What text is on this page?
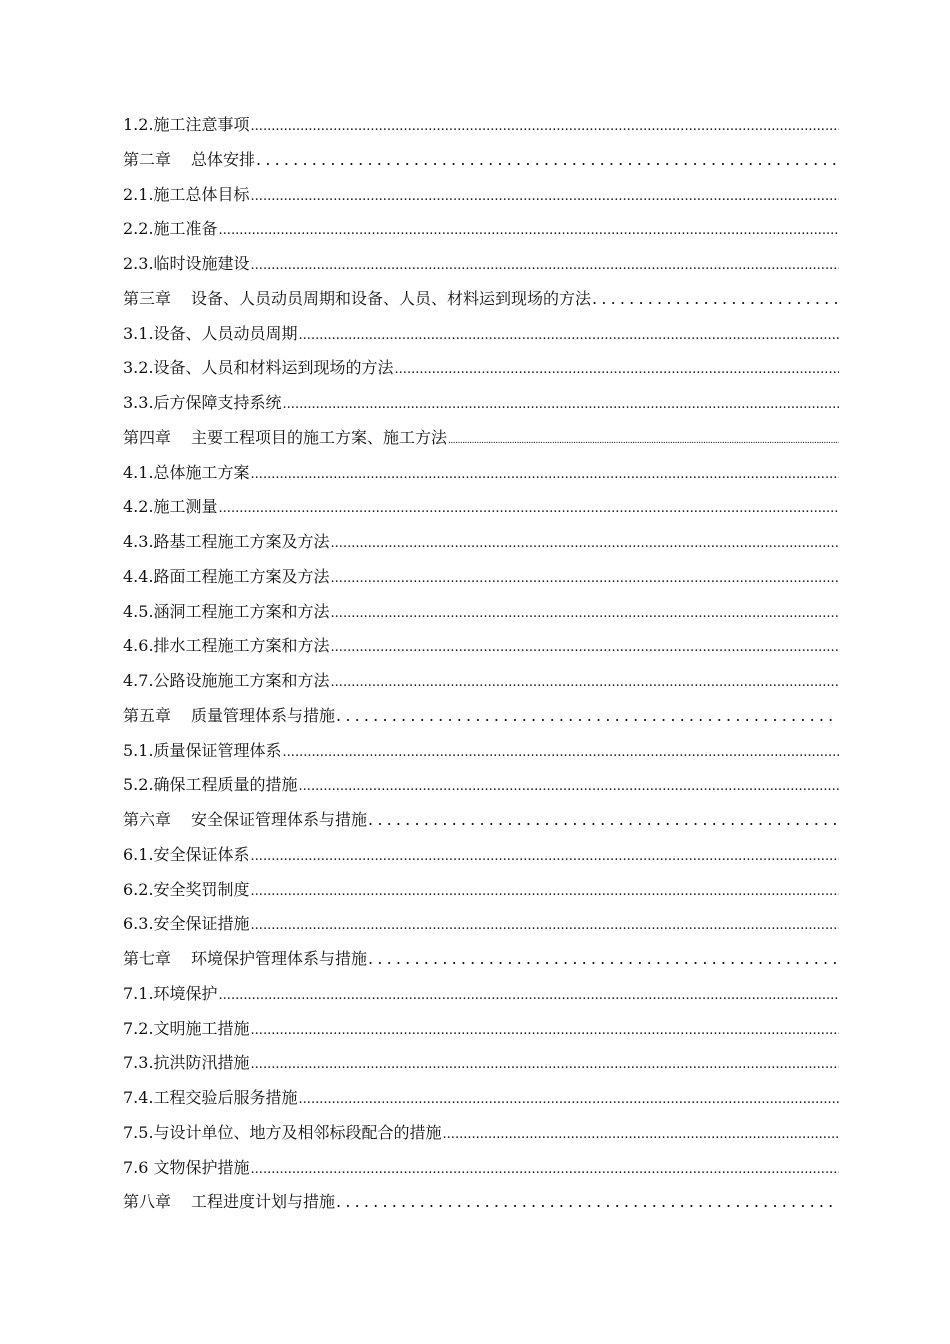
1.2.施工注意事项
.....
第二章 总体安排
.....
2.1.施工总体目标
.....
2.2.施工准备
.....
2.3.临时设施建设
.....
第三章 设备、人员动员周期和设备、人员、材料运到现场的方法
.....
3.1.设备、人员动员周期
.....
3.2.设备、人员和材料运到现场的方法
.....
3.3.后方保障支持系统
.....
第四章 主要工程项目的施工方案、施工方法
.....
4.1.总体施工方案
.....
4.2.施工测量
.....
4.3.路基工程施工方案及方法
.....
4.4.路面工程施工方案及方法
.....
4.5.涵洞工程施工方案和方法
.....
4.6.排水工程施工方案和方法
.....
4.7.公路设施施工方案和方法
.....
第五章 质量管理体系与措施
.....
5.1.质量保证管理体系
.....
5.2.确保工程质量的措施
.....
第六章 安全保证管理体系与措施
.....
6.1.安全保证体系
.....
6.2.安全奖罚制度
.....
6.3.安全保证措施
.....
第七章 环境保护管理体系与措施
.....
7.1.环境保护
.....
7.2.文明施工措施
.....
7.3.抗洪防汛措施
.....
7.4.工程交验后服务措施
.....
7.5.与设计单位、地方及相邻标段配合的措施
.....
7.6 文物保护措施
.....
第八章 工程进度计划与措施
.....
